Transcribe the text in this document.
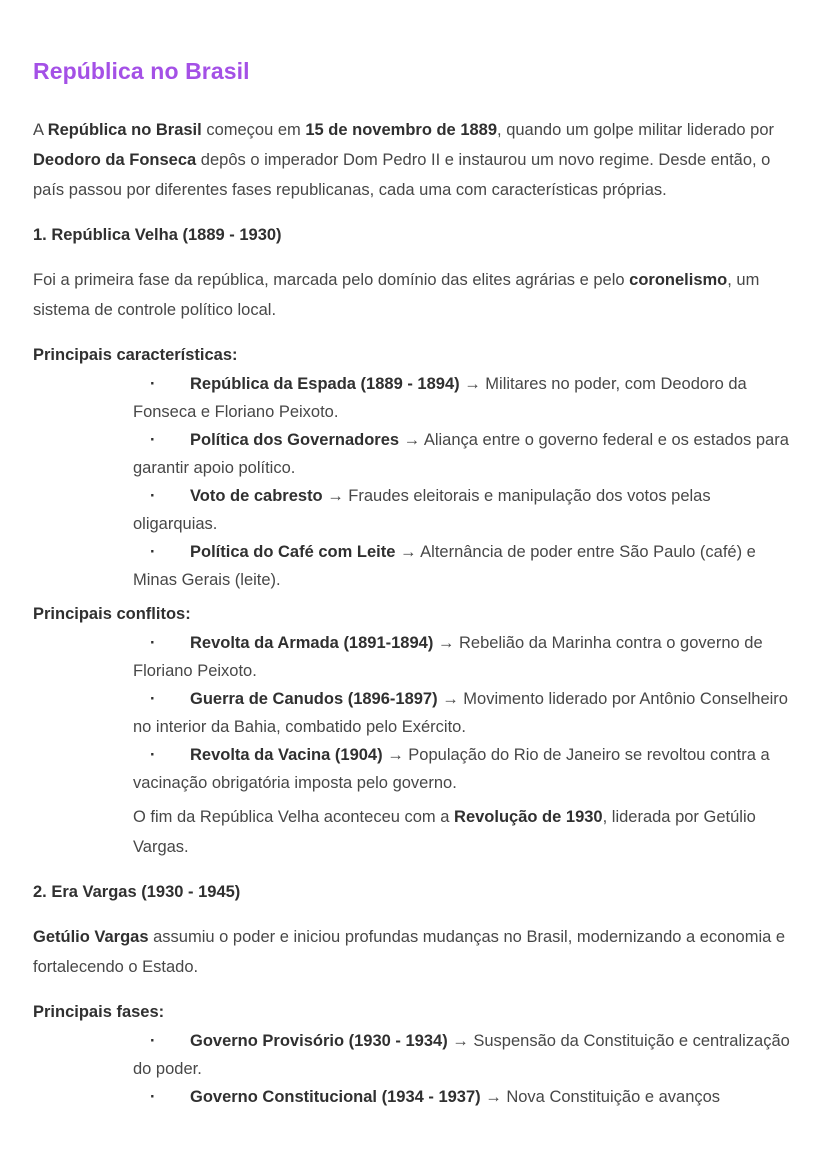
República no Brasil

A República no Brasil começou em 15 de novembro de 1889, quando um golpe militar liderado por Deodoro da Fonseca depôs o imperador Dom Pedro II e instaurou um novo regime. Desde então, o país passou por diferentes fases republicanas, cada uma com características próprias.

1. República Velha (1889 - 1930)

Foi a primeira fase da república, marcada pelo domínio das elites agrárias e pelo coronelismo, um sistema de controle político local.

Principais características:

· República da Espada (1889 - 1894) → Militares no poder, com Deodoro da Fonseca e Floriano Peixoto.
· Política dos Governadores → Aliança entre o governo federal e os estados para garantir apoio político.
· Voto de cabresto → Fraudes eleitorais e manipulação dos votos pelas oligarquias.
· Política do Café com Leite → Alternância de poder entre São Paulo (café) e Minas Gerais (leite).

Principais conflitos:

· Revolta da Armada (1891-1894) → Rebelião da Marinha contra o governo de Floriano Peixoto.
· Guerra de Canudos (1896-1897) → Movimento liderado por Antônio Conselheiro no interior da Bahia, combatido pelo Exército.
· Revolta da Vacina (1904) → População do Rio de Janeiro se revoltou contra a vacinação obrigatória imposta pelo governo.

O fim da República Velha aconteceu com a Revolução de 1930, liderada por Getúlio Vargas.

2. Era Vargas (1930 - 1945)

Getúlio Vargas assumiu o poder e iniciou profundas mudanças no Brasil, modernizando a economia e fortalecendo o Estado.

Principais fases:

· Governo Provisório (1930 - 1934) → Suspensão da Constituição e centralização do poder.
· Governo Constitucional (1934 - 1937) → Nova Constituição e avanços
